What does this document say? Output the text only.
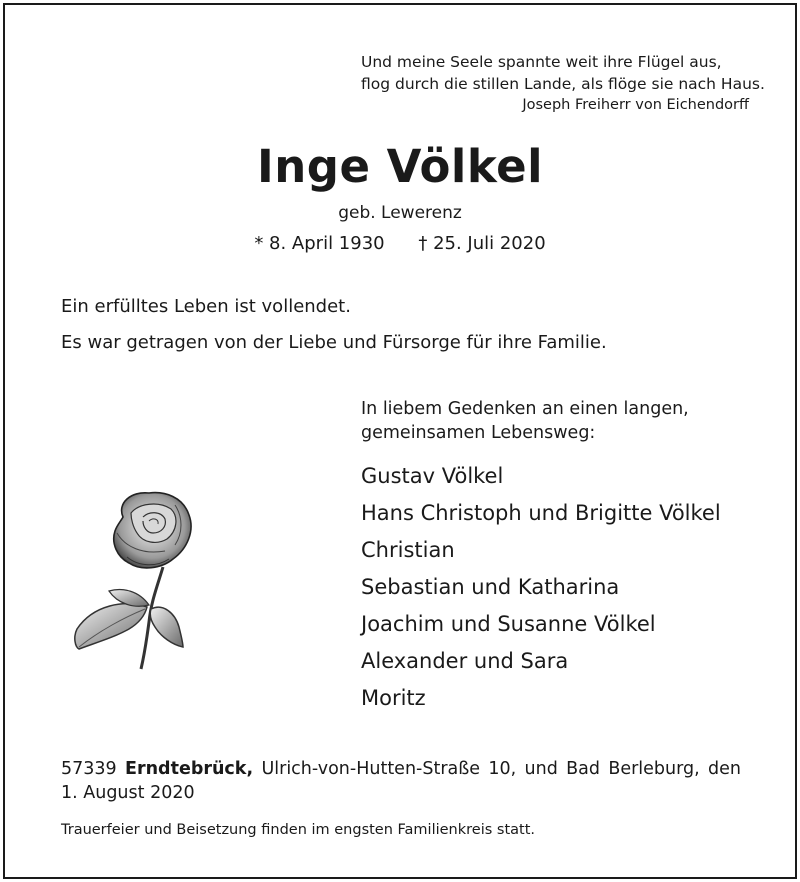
Und meine Seele spannte weit ihre Flügel aus,
flog durch die stillen Lande, als flöge sie nach Haus.
Joseph Freiherr von Eichendorff
Inge Völkel
geb. Lewerenz
* 8. April 1930 † 25. Juli 2020
Ein erfülltes Leben ist vollendet.
Es war getragen von der Liebe und Fürsorge für ihre Familie.
In liebem Gedenken an einen langen,
gemeinsamen Lebensweg:
Gustav Völkel
Hans Christoph und Brigitte Völkel
Christian
Sebastian und Katharina
Joachim und Susanne Völkel
Alexander und Sara
Moritz
57339 Erndtebrück, Ulrich-von-Hutten-Straße 10, und Bad Berleburg, den 1. August 2020
Trauerfeier und Beisetzung finden im engsten Familienkreis statt.
